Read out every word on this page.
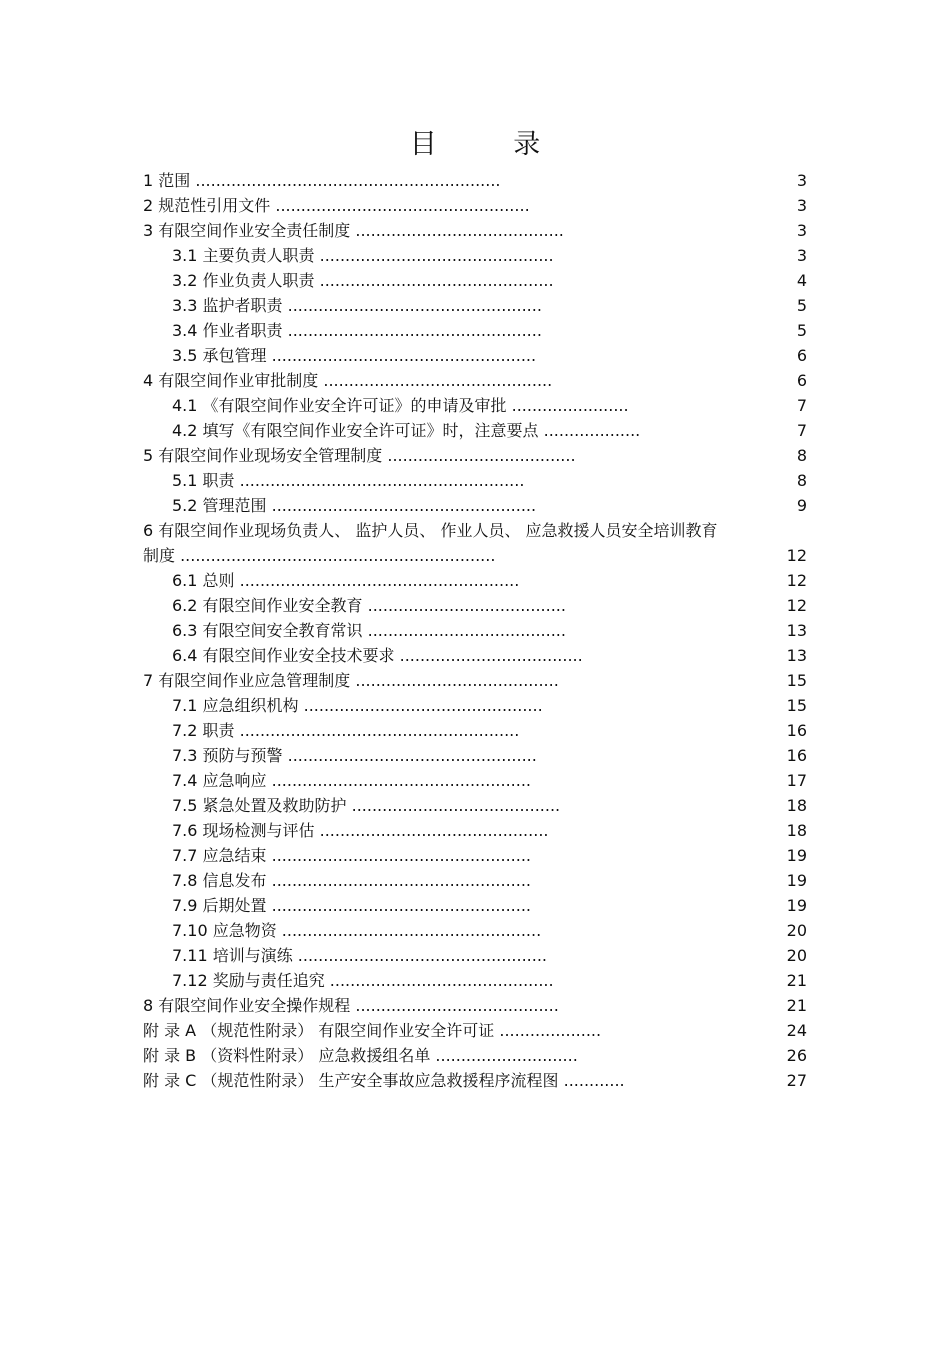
目 录
1 范围 ............................................................	3
2 规范性引用文件 ..................................................	3
3 有限空间作业安全责任制度 .........................................	3
3.1 主要负责人职责 ..............................................	3
3.2 作业负责人职责 ..............................................	4
3.3 监护者职责 ..................................................	5
3.4 作业者职责 ..................................................	5
3.5 承包管理 ....................................................	6
4 有限空间作业审批制度 .............................................	6
4.1 《有限空间作业安全许可证》的申请及审批 .......................	7
4.2 填写《有限空间作业安全许可证》时，注意要点 ...................	7
5 有限空间作业现场安全管理制度 .....................................	8
5.1 职责 ........................................................	8
5.2 管理范围 ....................................................	9
6 有限空间作业现场负责人、 监护人员、 作业人员、 应急救援人员安全培训教育
制度 ..............................................................	12
6.1 总则 .......................................................	12
6.2 有限空间作业安全教育 .......................................	12
6.3 有限空间安全教育常识 .......................................	13
6.4 有限空间作业安全技术要求 ....................................	13
7 有限空间作业应急管理制度 ........................................	15
7.1 应急组织机构 ...............................................	15
7.2 职责 .......................................................	16
7.3 预防与预警 .................................................	16
7.4 应急响应 ...................................................	17
7.5 紧急处置及救助防护 .........................................	18
7.6 现场检测与评估 .............................................	18
7.7 应急结束 ...................................................	19
7.8 信息发布 ...................................................	19
7.9 后期处置 ...................................................	19
7.10 应急物资 ...................................................	20
7.11 培训与演练 .................................................	20
7.12 奖励与责任追究 ............................................	21
8 有限空间作业安全操作规程 ........................................	21
附 录 A （规范性附录） 有限空间作业安全许可证 ....................	24
附 录 B （资料性附录） 应急救援组名单 ............................	26
附 录 C （规范性附录） 生产安全事故应急救援程序流程图 ............	27
